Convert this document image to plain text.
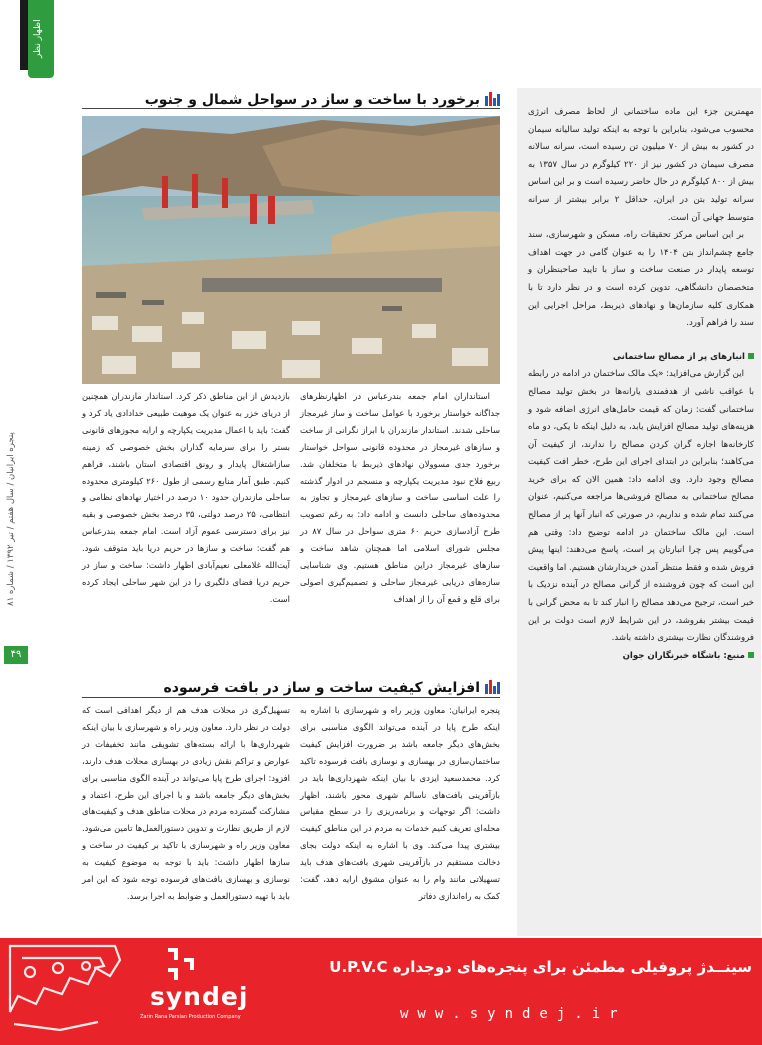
اظهار نظر
پنجره ایرانیان / سال هفتم / تیر ۱۳۹۲ / شماره ۸۱
۴۹
مهمترین جزء این ماده ساختمانی از لحاظ مصرف انرژی محسوب می‌شود، بنابراین با توجه به اینکه تولید سالیانه سیمان در کشور به بیش از ۷۰ میلیون تن رسیده است، سرانه سالانه مصرف سیمان در کشور نیز از ۲۲۰ کیلوگرم در سال ۱۳۵۷ به بیش از ۸۰۰ کیلوگرم در حال حاضر رسیده است و بر این اساس سرانه تولید بتن در ایران، حداقل ۲ برابر بیشتر از سرانه متوسط جهانی آن است.
بر این اساس مرکز تحقیقات راه، مسکن و شهرسازی، سند جامع چشم‌انداز بتن ۱۴۰۴ را به عنوان گامی در جهت اهداف توسعه پایدار در صنعت ساخت و ساز با تایید صاحبنظران و متخصصان دانشگاهی، تدوین کرده است و در نظر دارد تا با همکاری کلیه سازمان‌ها و نهادهای ذیربط، مراحل اجرایی این سند را فراهم آورد.
انبارهای پر از مصالح ساختمانی
این گزارش می‌افزاید: «یک مالک ساختمان در ادامه در رابطه با عواقب ناشی از هدفمندی یارانه‌ها در بخش تولید مصالح ساختمانی گفت: زمان که قیمت حامل‌های انرژی اضافه شود و هزینه‌های تولید مصالح افزایش یابد، به دلیل اینکه تا یکی، دو ماه کارخانه‌ها اجازه گران کردن مصالح را ندارند، از کیفیت آن می‌کاهند؛ بنابراین در ابتدای اجرای این طرح، خطر افت کیفیت مصالح وجود دارد. وی ادامه داد: همین الان که برای خرید مصالح ساختمانی به مصالح فروشی‌ها مراجعه می‌کنیم، عنوان می‌کنند تمام شده و نداریم، در صورتی که انبار آنها پر از مصالح است. این مالک ساختمان در ادامه توضیح داد: وقتی هم می‌گوییم پس چرا انبارتان پر است، پاسخ می‌دهند: اینها پیش فروش شده و فقط منتظر آمدن خریدارشان هستیم. اما واقعیت این است که چون فروشنده از گرانی مصالح در آینده نزدیک با خبر است، ترجیح می‌دهد مصالح را انبار کند تا به محض گرانی با قیمت بیشتر بفروشد، در این شرایط لازم است دولت بر این فروشندگان نظارت بیشتری داشته باشد.
منبع: باشگاه خبرنگاران جوان
برخورد با ساخت و ساز در سواحل شمال و جنوب
استانداران امام جمعه بندرعباس در اظهارنظرهای جداگانه خواستار برخورد با عوامل ساخت و ساز غیرمجاز ساحلی شدند. استاندار مازندران با ابراز نگرانی از ساخت و سازهای غیرمجاز در محدوده قانونی سواحل خواستار برخورد جدی مسوولان نهادهای ذیربط با متخلفان شد. ربیع فلاح نبود مدیریت یکپارچه و منسجم در ادوار گذشته را علت اساسی ساخت و سازهای غیرمجاز و تجاوز به محدوده‌های ساحلی دانست و ادامه داد: به رغم تصویب طرح آزادسازی حریم ۶۰ متری سواحل در سال ۸۷ در مجلس شورای اسلامی اما همچنان شاهد ساخت و سازهای غیرمجاز دراین مناطق هستیم. وی شناسایی سازه‌های دریایی غیرمجاز ساحلی و تصمیم‌گیری اصولی برای قلع و قمع آن را از اهداف
بازدیدش از این مناطق ذکر کرد. استاندار مازندران همچنین از دریای خزر به عنوان یک موهبت طبیعی خدادادی یاد کرد و گفت: باید با اعمال مدیریت یکپارچه و ارایه مجوزهای قانونی بستر را برای سرمایه گذاران بخش خصوصی که زمینه سازاشتغال پایدار و رونق اقتصادی استان باشند، فراهم کنیم. طبق آمار منابع رسمی از طول ۲۶۰ کیلومتری محدوده ساحلی مازندران حدود ۱۰ درصد در اختیار نهادهای نظامی و انتظامی، ۲۵ درصد دولتی، ۳۵ درصد بخش خصوصی و بقیه نیز برای دسترسی عموم آزاد است. امام جمعه بندرعباس هم گفت: ساخت و سازها در حریم دریا باید متوقف شود. آیت‌الله غلامعلی نعیم‌آبادی اظهار داشت: ساخت و ساز در حریم دریا فضای دلگیری را در این شهر ساحلی ایجاد کرده است.
افزایش کیفیت ساخت و ساز در بافت فرسوده
پنجره ایرانیان: معاون وزیر راه و شهرسازی با اشاره به اینکه طرح پایا در آینده می‌تواند الگوی مناسبی برای بخش‌های دیگر جامعه باشد بر ضرورت افزایش کیفیت ساختمان‌سازی در بهسازی و نوسازی بافت فرسوده تاکید کرد. محمدسعید ایزدی با بیان اینکه شهرداری‌ها باید در بازآفرینی بافت‌های ناسالم شهری محور باشند، اظهار داشت: اگر توجهات و برنامه‌ریزی را در سطح مقیاس محله‌ای تعریف کنیم خدمات به مردم در این مناطق کیفیت بیشتری پیدا می‌کند. وی با اشاره به اینکه دولت بجای دخالت مستقیم در بازآفرینی شهری بافت‌های هدف باید تسهیلاتی مانند وام را به عنوان مشوق ارایه دهد، گفت: کمک به راه‌اندازی دفاتر
تسهیل‌گری در محلات هدف هم از دیگر اهدافی است که دولت در نظر دارد. معاون وزیر راه و شهرسازی با بیان اینکه شهرداری‌ها با ارائه بسته‌های تشویقی مانند تخفیفات در عوارض و تراکم نقش زیادی در بهسازی محلات هدف دارند، افزود: اجرای طرح پایا می‌تواند در آینده الگوی مناسبی برای بخش‌های دیگر جامعه باشد و با اجرای این طرح، اعتماد و مشارکت گسترده مردم در محلات مناطق هدف و کیفیت‌های لازم از طریق نظارت و تدوین دستورالعمل‌ها تامین می‌شود. معاون وزیر راه و شهرسازی با تاکید بر کیفیت در ساخت و سازها اظهار داشت: باید با توجه به موضوع کیفیت به نوسازی و بهسازی بافت‌های فرسوده توجه شود که این امر باید با تهیه دستورالعمل و ضوابط به اجرا برسد.
سینــدژ پروفیلی مطمئن برای پنجره‌های دوجداره U.P.V.C
www.syndej.ir
syndej
Zarin Rana Parsian Production Company
